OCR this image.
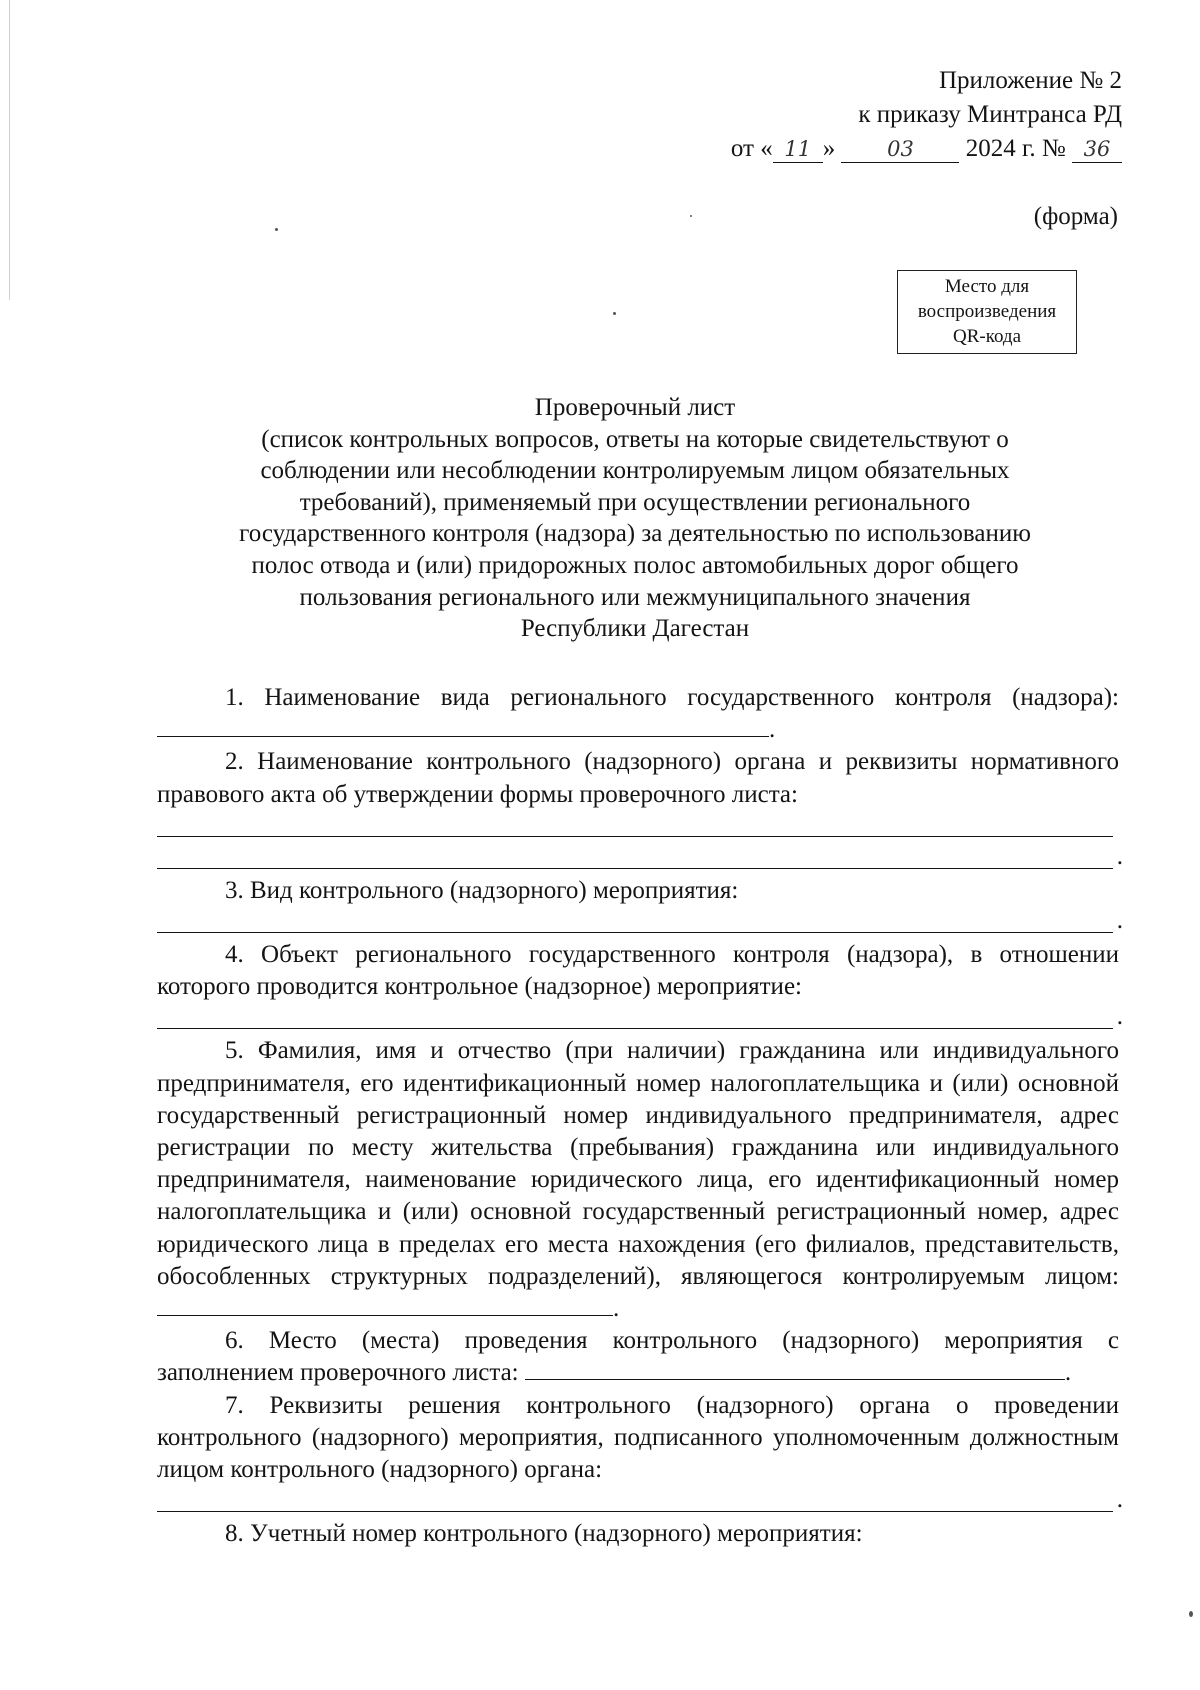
Приложение № 2
к приказу Минтранса РД
от « 11 » 03 2024 г. № 36
(форма)
Место для
воспроизведения
QR-кода
Проверочный лист
(список контрольных вопросов, ответы на которые свидетельствуют о
соблюдении или несоблюдении контролируемым лицом обязательных
требований), применяемый при осуществлении регионального
государственного контроля (надзора) за деятельностью по использованию
полос отвода и (или) придорожных полос автомобильных дорог общего
пользования регионального или межмуниципального значения
Республики Дагестан

1. Наименование вида регионального государственного контроля (надзора): .

2. Наименование контрольного (надзорного) органа и реквизиты нормативного правового акта об утверждении формы проверочного листа:

.

3. Вид контрольного (надзорного) мероприятия:

.

4. Объект регионального государственного контроля (надзора), в отношении которого проводится контрольное (надзорное) мероприятие:

.

5. Фамилия, имя и отчество (при наличии) гражданина или индивидуального предпринимателя, его идентификационный номер налогоплательщика и (или) основной государственный регистрационный номер индивидуального предпринимателя, адрес регистрации по месту жительства (пребывания) гражданина или индивидуального предпринимателя, наименование юридического лица, его идентификационный номер налогоплательщика и (или) основной государственный регистрационный номер, адрес юридического лица в пределах его места нахождения (его филиалов, представительств, обособленных структурных подразделений), являющегося контролируемым лицом: .

6. Место (места) проведения контрольного (надзорного) мероприятия с заполнением проверочного листа:	.

7. Реквизиты решения контрольного (надзорного) органа о проведении контрольного (надзорного) мероприятия, подписанного уполномоченным должностным лицом контрольного (надзорного) органа:

.

8. Учетный номер контрольного (надзорного) мероприятия:
